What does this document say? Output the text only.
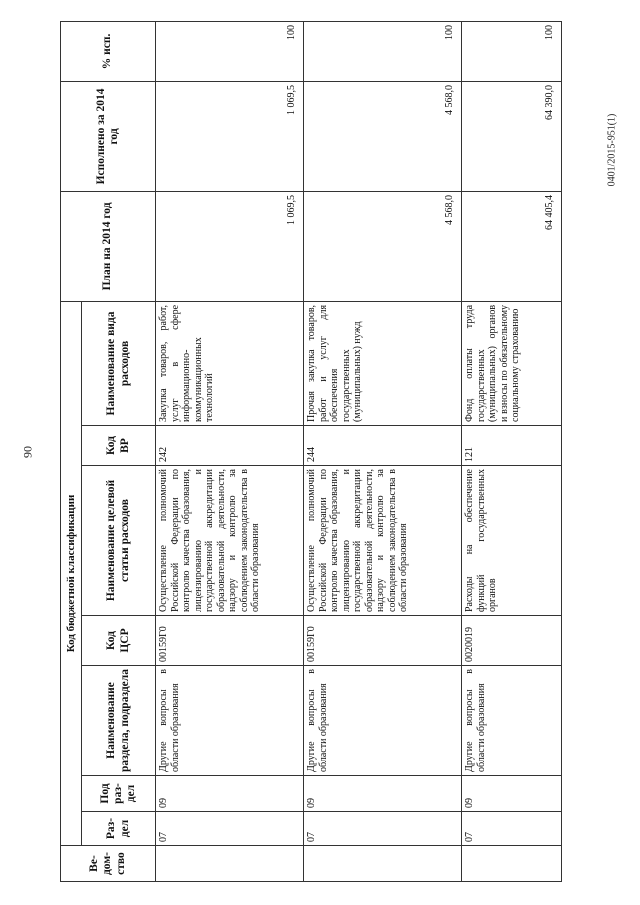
90
0401/2015-951(1)
Ве-дом-ство	Код бюджетной классификации							План на 2014 год	Исполнено за 2014 год	% исп.
	Раз-дел	Под раз-дел	Наименование раздела, подраздела	Код ЦСР	Наименование целевой статьи расходов	Код ВР	Наименование вида расходов			
	07	09	Другие вопросы в области образования	00159Г0	Осуществление полномочий Российской Федерации по контролю качества образования, лицензированию и государственной аккредитации образовательной деятельности, надзору и контролю за соблюдением законодательства в области образования	242	Закупка товаров, работ, услуг в сфере информационно-коммуникационных технологий	1 069,5	1 069,5	100
	07	09	Другие вопросы в области образования	00159Г0	Осуществление полномочий Российской Федерации по контролю качества образования, лицензированию и государственной аккредитации образовательной деятельности, надзору и контролю за соблюдением законодательства в области образования	244	Прочая закупка товаров, работ и услуг для обеспечения государственных (муниципальных) нужд	4 568,0	4 568,0	100
	07	09	Другие вопросы в области образования	0020019	Расходы на обеспечение функций государственных органов	121	Фонд оплаты труда государственных (муниципальных) органов и взносы по обязательному социальному страхованию	64 405,4	64 390,0	100
